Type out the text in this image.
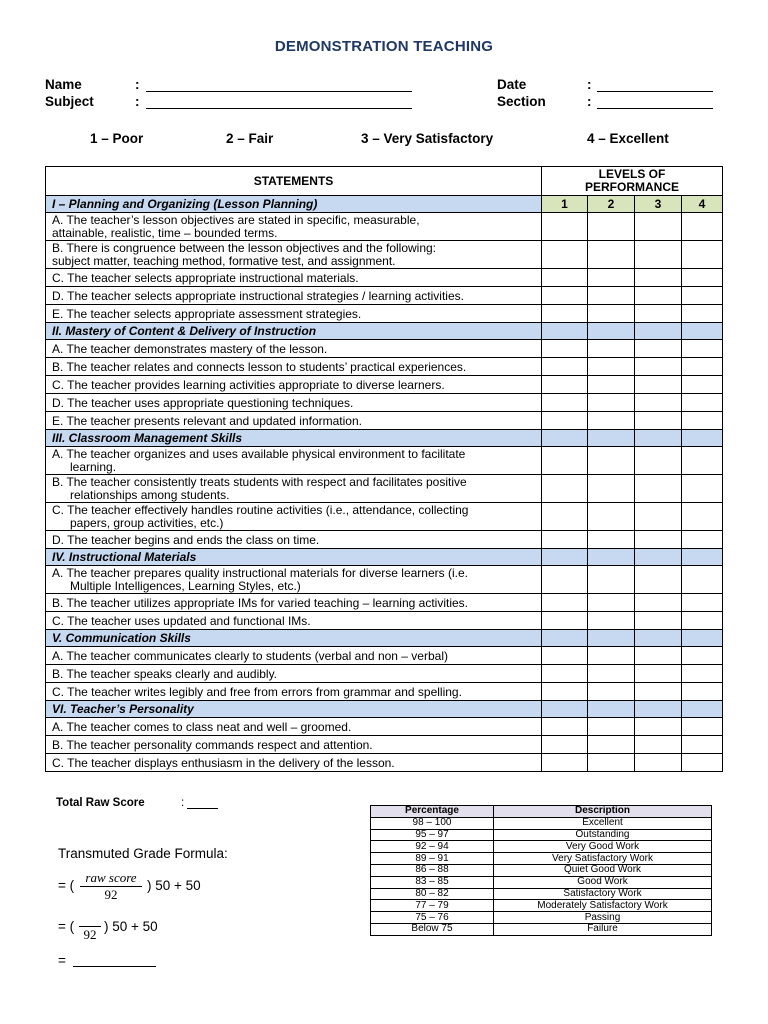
DEMONSTRATION TEACHING
Name	:
Subject	:
Date	:
Section	:
1 – Poor	2 – Fair	3 – Very Satisfactory	4 – Excellent
STATEMENTS	LEVELS OF
PERFORMANCE			
I – Planning and Organizing (Lesson Planning)	1	2	3	4
A. The teacher’s lesson objectives are stated in specific, measurable,
attainable, realistic, time – bounded terms.				
B. There is congruence between the lesson objectives and the following:
subject matter, teaching method, formative test, and assignment.				
C. The teacher selects appropriate instructional materials.				
D. The teacher selects appropriate instructional strategies / learning activities.				
E. The teacher selects appropriate assessment strategies.				
II. Mastery of Content & Delivery of Instruction				
A. The teacher demonstrates mastery of the lesson.				
B. The teacher relates and connects lesson to students’ practical experiences.				
C. The teacher provides learning activities appropriate to diverse learners.				
D. The teacher uses appropriate questioning techniques.				
E. The teacher presents relevant and updated information.				
III. Classroom Management Skills				
A. The teacher organizes and uses available physical environment to facilitate
learning.				
B. The teacher consistently treats students with respect and facilitates positive
relationships among students.				
C. The teacher effectively handles routine activities (i.e., attendance, collecting
papers, group activities, etc.)				
D. The teacher begins and ends the class on time.				
IV. Instructional Materials				
A. The teacher prepares quality instructional materials for diverse learners (i.e.
Multiple Intelligences, Learning Styles, etc.)				
B. The teacher utilizes appropriate IMs for varied teaching – learning activities.				
C. The teacher uses updated and functional IMs.				
V. Communication Skills				
A. The teacher communicates clearly to students (verbal and non – verbal)				
B. The teacher speaks clearly and audibly.				
C. The teacher writes legibly and free from errors from grammar and spelling.				
VI. Teacher’s Personality				
A. The teacher comes to class neat and well – groomed.				
B. The teacher personality commands respect and attention.				
C. The teacher displays enthusiasm in the delivery of the lesson.				
Total Raw Score	:
Transmuted Grade Formula:
= (
raw score
92
) 50 + 50
= (
92
) 50 + 50
=
Percentage	Description
98 – 100	Excellent
95 – 97	Outstanding
92 – 94	Very Good Work
89 – 91	Very Satisfactory Work
86 – 88	Quiet Good Work
83 – 85	Good Work
80 – 82	Satisfactory Work
77 – 79	Moderately Satisfactory Work
75 – 76	Passing
Below 75	Failure
